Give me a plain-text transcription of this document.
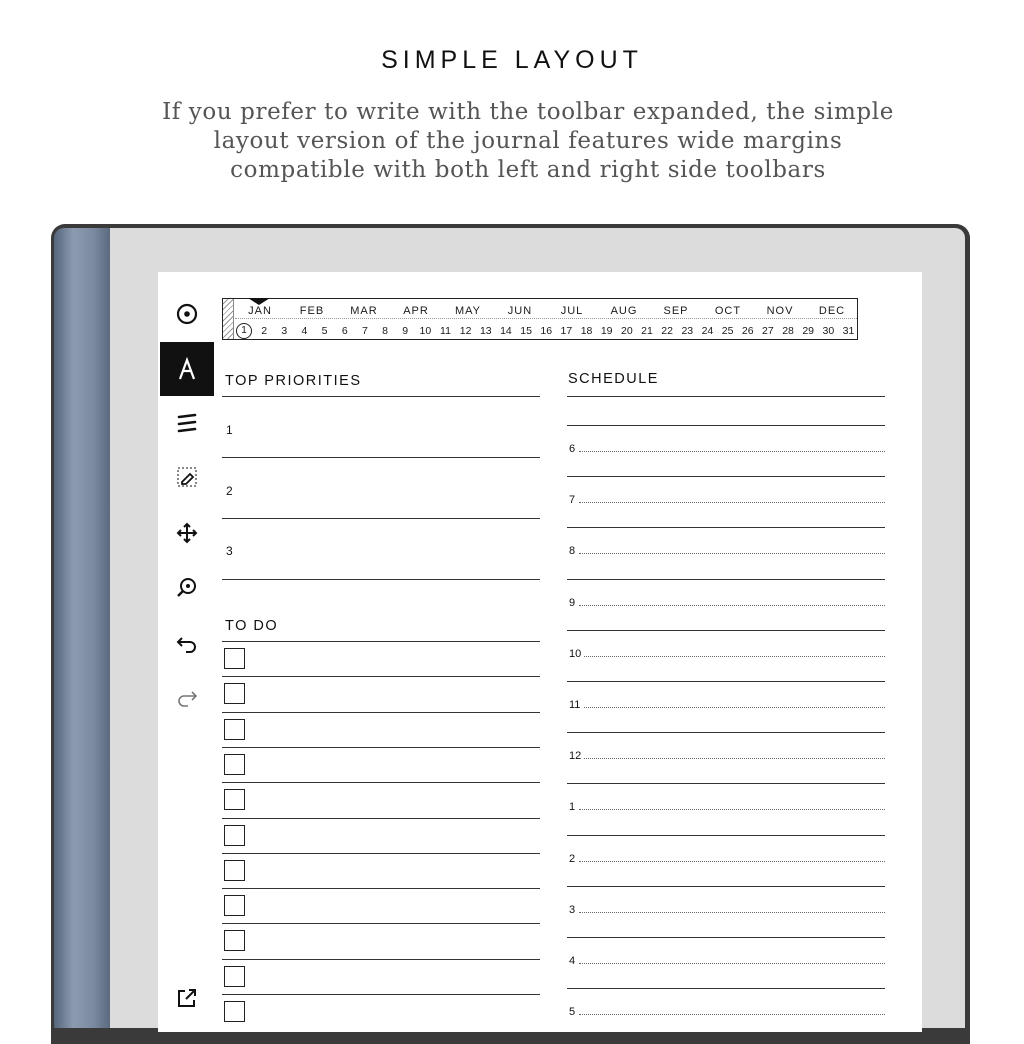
SIMPLE LAYOUT
If you prefer to write with the toolbar expanded, the simple
layout version of the journal features wide margins
compatible with both left and right side toolbars
JAN	FEB	MAR	APR	MAY	JUN	JUL	AUG	SEP	OCT	NOV	DEC
1	2	3	4	5	6	7	8	9	10 11 12 13 14 15 16 17 18 19 20 21 22 23 24 25 26 27 28 29 30 31
TOP PRIORITIES
1
2
3
TO DO
SCHEDULE
6
7
8
9
10
11
12
1
2
3
4
5
